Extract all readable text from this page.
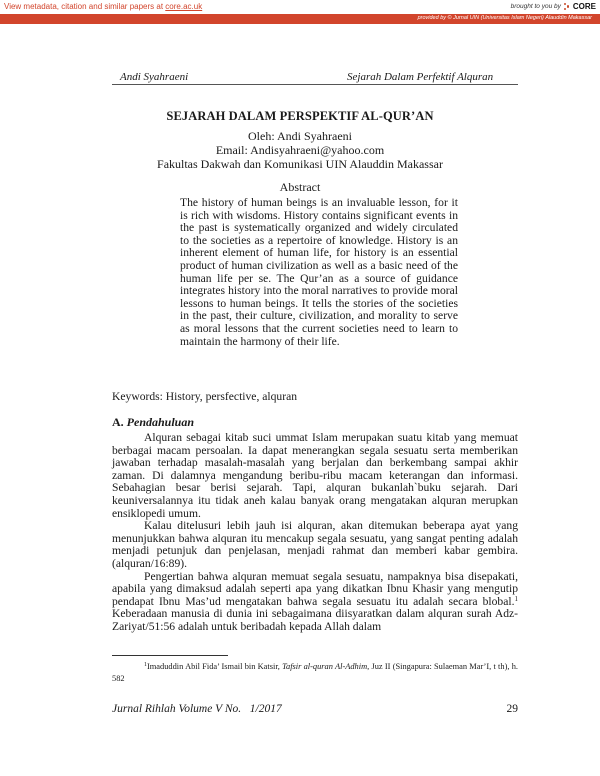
View metadata, citation and similar papers at core.ac.uk	brought to you by CORE
provided by © Jurnal UIN (Universitas Islam Negeri) Alauddin Makassar
Andi Syahraeni	Sejarah Dalam Perfektif Alquran
SEJARAH DALAM PERSPEKTIF AL-QUR’AN
Oleh: Andi Syahraeni
Email: Andisyahraeni@yahoo.com
Fakultas Dakwah dan Komunikasi UIN Alauddin Makassar
Abstract
The history of human beings is an invaluable lesson, for it is rich with wisdoms. History contains significant events in the past is systematically organized and widely circulated to the societies as a repertoire of knowledge. History is an inherent element of human life, for history is an essential product of human civilization as well as a basic need of the human life per se. The Qur’an as a source of guidance integrates history into the moral narratives to provide moral lessons to human beings. It tells the stories of the societies in the past, their culture, civilization, and morality to serve as moral lessons that the current societies need to learn to maintain the harmony of their life.
Keywords: History, persfective, alquran
A. Pendahuluan

Alquran sebagai kitab suci ummat Islam merupakan suatu kitab yang memuat berbagai macam persoalan. Ia dapat menerangkan segala sesuatu serta memberikan jawaban terhadap masalah-masalah yang berjalan dan berkembang sampai akhir zaman. Di dalamnya mengandung beribu-ribu macam keterangan dan informasi. Sebahagian besar berisi sejarah. Tapi, alquran bukanlah`buku sejarah. Dari keuniversalannya itu tidak aneh kalau banyak orang mengatakan alquran merupkan ensiklopedi umum.

Kalau ditelusuri lebih jauh isi alquran, akan ditemukan beberapa ayat yang menunjukkan bahwa alquran itu mencakup segala sesuatu, yang sangat penting adalah menjadi petunjuk dan penjelasan, menjadi rahmat dan memberi kabar gembira. (alquran/16:89).

Pengertian bahwa alquran memuat segala sesuatu, nampaknya bisa disepakati, apabila yang dimaksud adalah seperti apa yang dikatkan Ibnu Khasir yang mengutip pendapat Ibnu Mas’ud mengatakan bahwa segala sesuatu itu adalah secara blobal.$^1$ Keberadaan manusia di dunia ini sebagaimana diisyaratkan dalam alquran surah Adz-Zariyat/51:56 adalah untuk beribadah kepada Allah dalam

$^1$Imaduddin Abil Fida’ Ismail bin Katsir, Tafsir al-quran Al-Adhim, Juz II (Singapura: Sulaeman Mar’I, t th), h. 582
Jurnal Rihlah Volume V No.   1/2017	29
